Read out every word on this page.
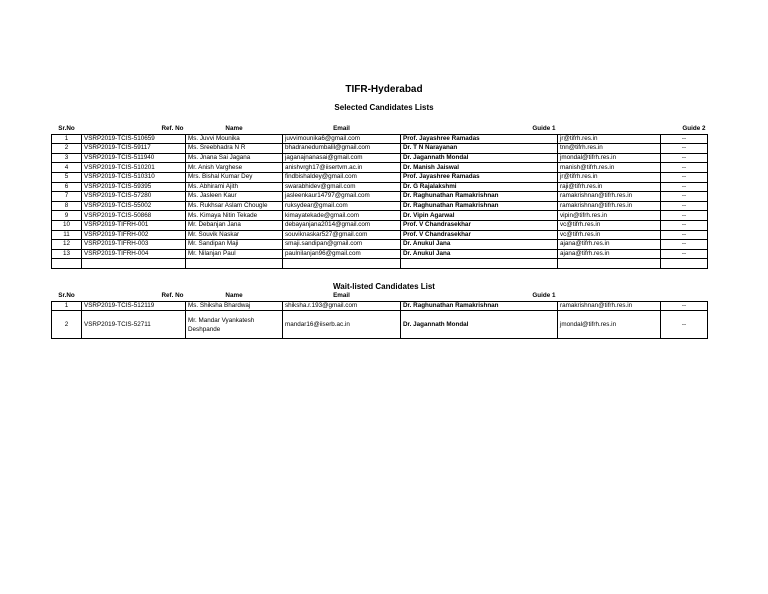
TIFR-Hyderabad
Selected Candidates Lists
Sr.No	Ref. No	Name	Email	Guide 1		Guide 2
1	VSRP2019-TCIS-510659	Ms. Juvvi Mounika	juvvimounika6@gmail.com	Prof. Jayashree Ramadas	jr@tifrh.res.in	--
2	VSRP2019-TCIS-59117	Ms. Sreebhadra N R	bhadranedumbalil@gmail.com	Dr. T N Narayanan	tnn@tifrh.res.in	--
3	VSRP2019-TCIS-511940	Ms. Jnana Sai Jagana	jaganajnanasai@gmail.com	Dr. Jagannath Mondal	jmondal@tifrh.res.in	--
4	VSRP2019-TCIS-510201	Mr. Anish Varghese	anishvrgh17@iisertvm.ac.in	Dr. Manish Jaiswal	manish@tifrh.res.in	--
5	VSRP2019-TCIS-510310	Mrs. Bishal Kumar Dey	findbishaldey@gmail.com	Prof. Jayashree Ramadas	jr@tifrh.res.in	--
6	VSRP2019-TCIS-59395	Ms. Abhirami Ajith	swarabhidev@gmail.com	Dr. G Rajalakshmi	raji@tifrh.res.in	--
7	VSRP2019-TCIS-57280	Ms. Jasleen Kaur	jasleenkaur14797@gmail.com	Dr. Raghunathan Ramakrishnan	ramakrishnan@tifrh.res.in	--
8	VSRP2019-TCIS-55002	Ms. Rukhsar Aslam Chougle	ruksydear@gmail.com	Dr. Raghunathan Ramakrishnan	ramakrishnan@tifrh.res.in	--
9	VSRP2019-TCIS-50868	Ms. Kimaya Nitin Tekade	kimayatekade@gmail.com	Dr. Vipin Agarwal	vipin@tifrh.res.in	--
10	VSRP2019-TIFRH-001	Mr. Debanjan Jana	debayanjana2014@gmail.com	Prof. V Chandrasekhar	vc@tifrh.res.in	--
11	VSRP2019-TIFRH-002	Mr. Souvik Naskar	souviknaskar527@gmail.com	Prof. V Chandrasekhar	vc@tifrh.res.in	--
12	VSRP2019-TIFRH-003	Mr. Sandipan Maji	smaji.sandipan@gmail.com	Dr. Anukul Jana	ajana@tifrh.res.in	--
13	VSRP2019-TIFRH-004	Mr. Nilanjan Paul	paulnilanjan96@gmail.com	Dr. Anukul Jana	ajana@tifrh.res.in	--

Wait-listed Candidates List
Sr.No	Ref. No	Name	Email	Guide 1		
1	VSRP2019-TCIS-512119	Ms. Shiksha Bhardwaj	shiksha.r.193@gmail.com	Dr. Raghunathan Ramakrishnan	ramakrishnan@tifrh.res.in	--
2	VSRP2019-TCIS-52711	Mr. Mandar Vyankatesh Deshpande	mandar16@iiserb.ac.in	Dr. Jagannath Mondal	jmondal@tifrh.res.in	--
